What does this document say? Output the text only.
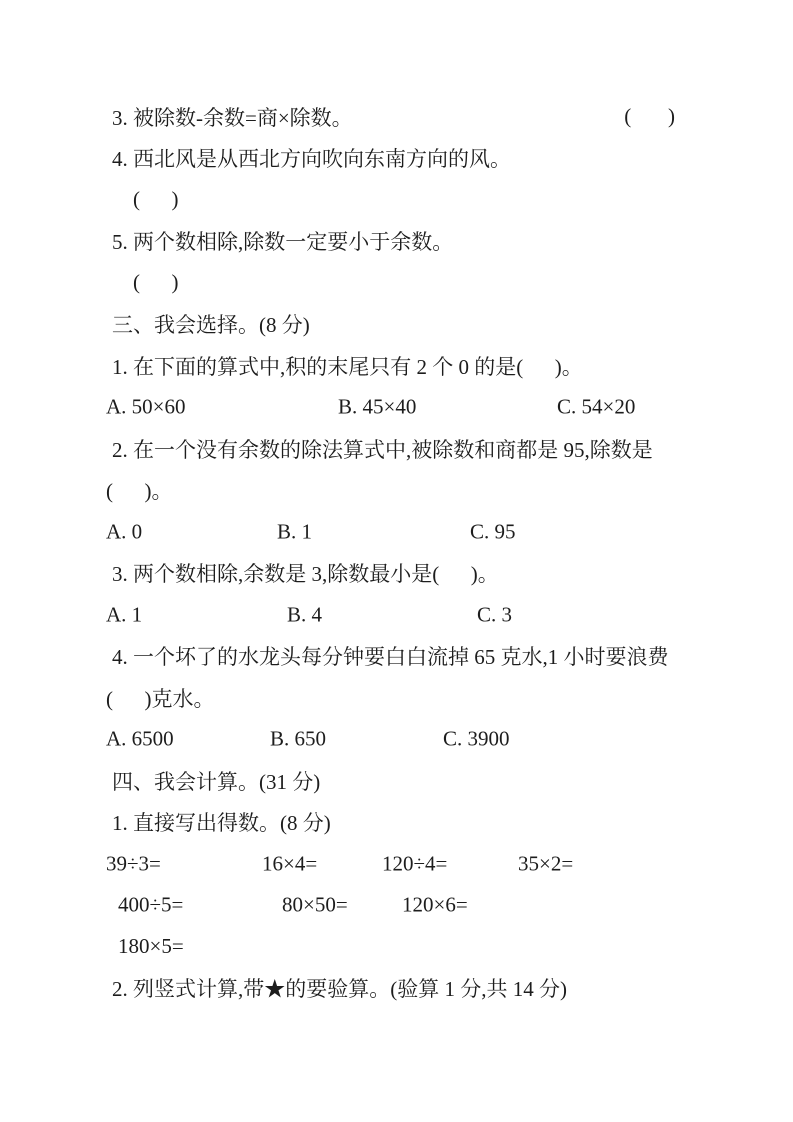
3. 被除数-余数=商×除数。	(       )
4. 西北风是从西北方向吹向东南方向的风。
(      )
5. 两个数相除,除数一定要小于余数。
(      )
三、我会选择。(8 分)
1. 在下面的算式中,积的末尾只有 2 个 0 的是(      )。
A. 50×60	B. 45×40	C. 54×20
2. 在一个没有余数的除法算式中,被除数和商都是 95,除数是
(      )。
A. 0	B. 1	C. 95
3. 两个数相除,余数是 3,除数最小是(      )。
A. 1	B. 4	C. 3
4. 一个坏了的水龙头每分钟要白白流掉 65 克水,1 小时要浪费
(      )克水。
A. 6500	B. 650	C. 3900
四、我会计算。(31 分)
1. 直接写出得数。(8 分)
39÷3=	16×4=	120÷4=	35×2=
400÷5=	80×50=	120×6=
180×5=
2. 列竖式计算,带★的要验算。(验算 1 分,共 14 分)
